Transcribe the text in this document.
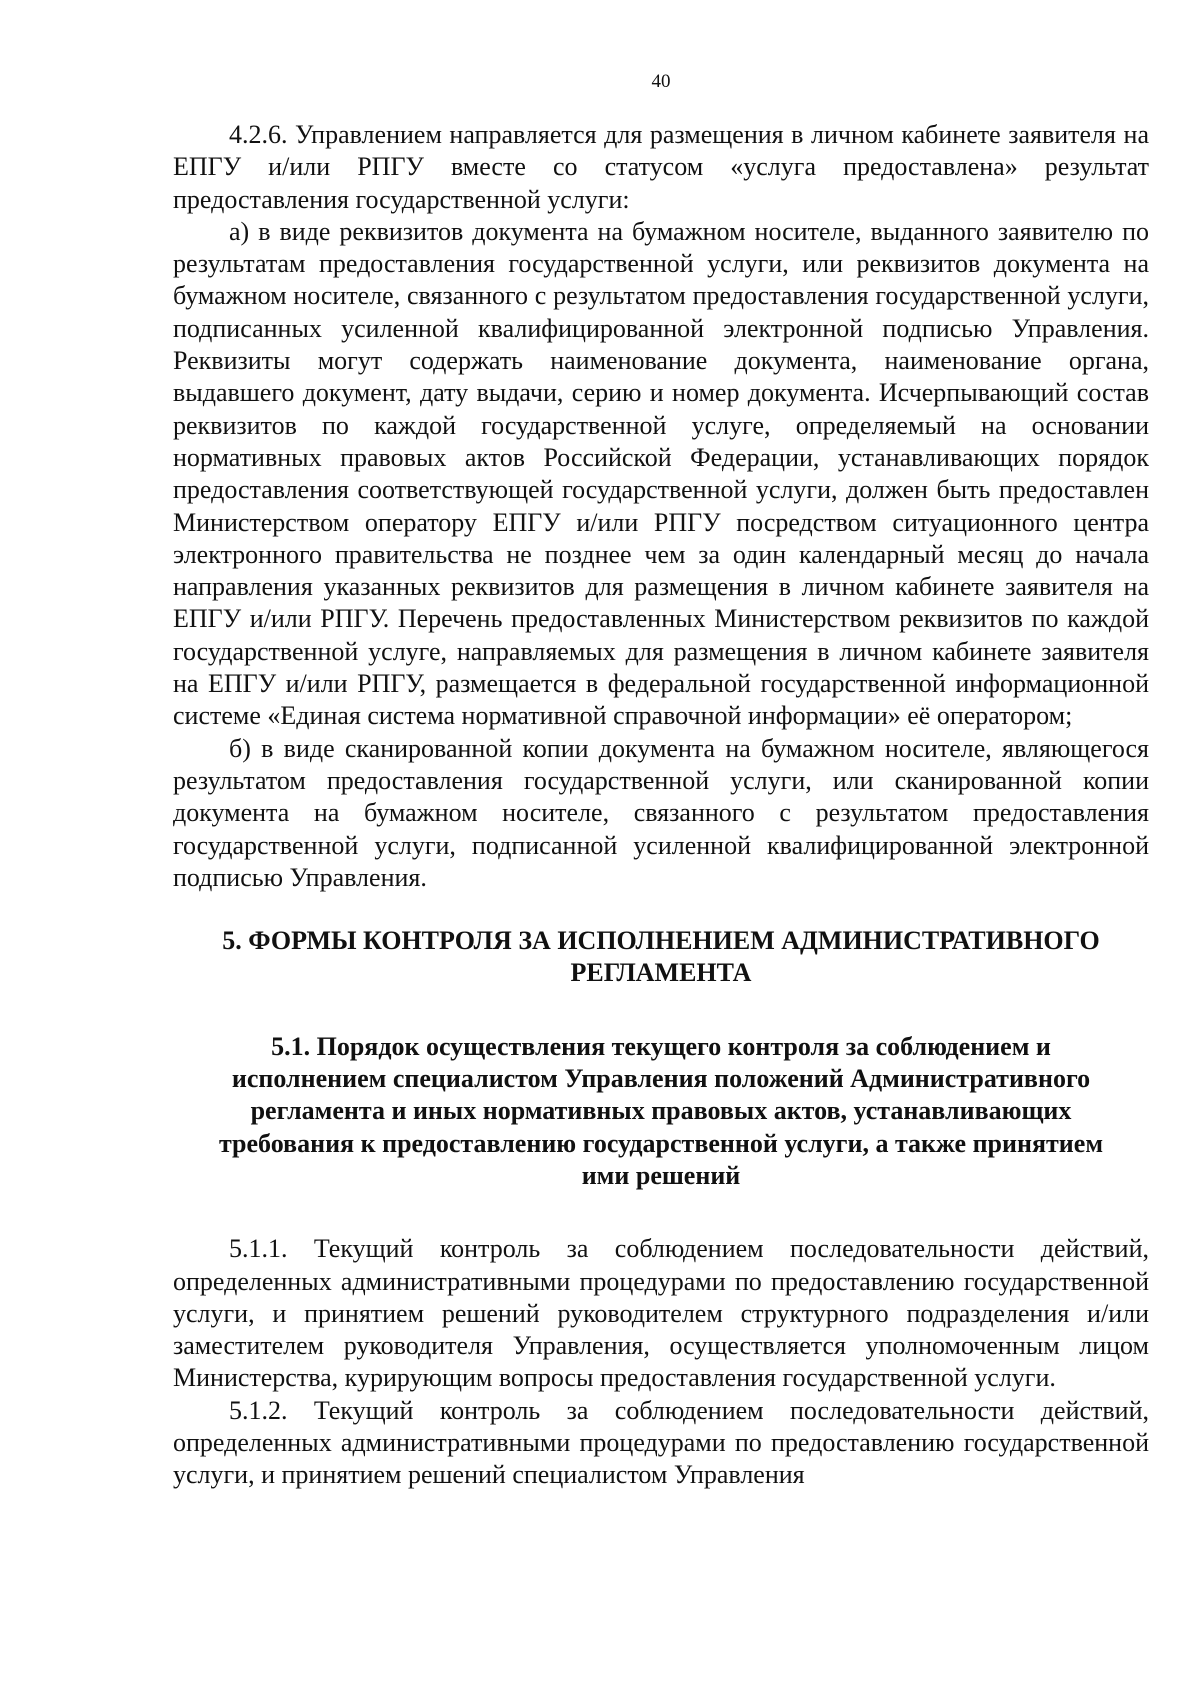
40

4.2.6. Управлением направляется для размещения в личном кабинете заявителя на ЕПГУ и/или РПГУ вместе со статусом «услуга предоставлена» результат предоставления государственной услуги:

а) в виде реквизитов документа на бумажном носителе, выданного заявителю по результатам предоставления государственной услуги, или реквизитов документа на бумажном носителе, связанного с результатом предоставления государственной услуги, подписанных усиленной квалифицированной электронной подписью Управления. Реквизиты могут содержать наименование документа, наименование органа, выдавшего документ, дату выдачи, серию и номер документа. Исчерпывающий состав реквизитов по каждой государственной услуге, определяемый на основании нормативных правовых актов Российской Федерации, устанавливающих порядок предоставления соответствующей государственной услуги, должен быть предоставлен Министерством оператору ЕПГУ и/или РПГУ посредством ситуационного центра электронного правительства не позднее чем за один календарный месяц до начала направления указанных реквизитов для размещения в личном кабинете заявителя на ЕПГУ и/или РПГУ. Перечень предоставленных Министерством реквизитов по каждой государственной услуге, направляемых для размещения в личном кабинете заявителя на ЕПГУ и/или РПГУ, размещается в федеральной государственной информационной системе «Единая система нормативной справочной информации» её оператором;

б) в виде сканированной копии документа на бумажном носителе, являющегося результатом предоставления государственной услуги, или сканированной копии документа на бумажном носителе, связанного с результатом предоставления государственной услуги, подписанной усиленной квалифицированной электронной подписью Управления.

5. ФОРМЫ КОНТРОЛЯ ЗА ИСПОЛНЕНИЕМ АДМИНИСТРАТИВНОГО
РЕГЛАМЕНТА
5.1. Порядок осуществления текущего контроля за соблюдением и
исполнением специалистом Управления положений Административного
регламента и иных нормативных правовых актов, устанавливающих
требования к предоставлению государственной услуги, а также принятием
ими решений

5.1.1. Текущий контроль за соблюдением последовательности действий, определенных административными процедурами по предоставлению государственной услуги, и принятием решений руководителем структурного подразделения и/или заместителем руководителя Управления, осуществляется уполномоченным лицом Министерства, курирующим вопросы предоставления государственной услуги.

5.1.2. Текущий контроль за соблюдением последовательности действий, определенных административными процедурами по предоставлению государственной услуги, и принятием решений специалистом Управления
